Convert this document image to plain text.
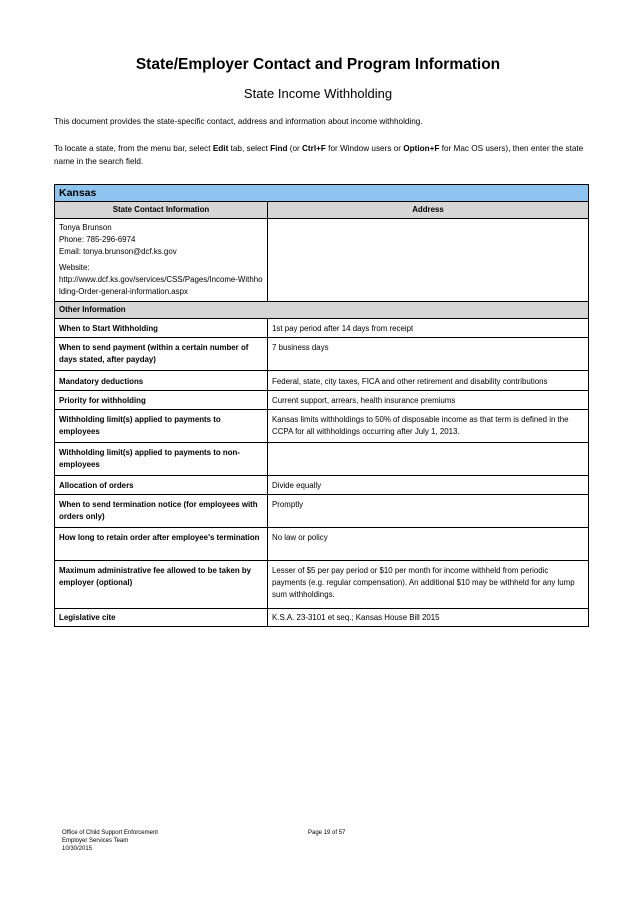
State/Employer Contact and Program Information
State Income Withholding
This document provides the state-specific contact, address and information about income withholding.
To locate a state, from the menu bar, select Edit tab, select Find (or Ctrl+F for Window users or Option+F for Mac OS users), then enter the state name in the search field.
Kansas	
State Contact Information	Address

Tonya Brunson
Phone: 785-296-6974
Email: tonya.brunson@dcf.ks.gov
Website:
http://www.dcf.ks.gov/services/CSS/Pages/Income-Withholding-Order-general-information.aspx	

Other Information	
When to Start Withholding	1st pay period after 14 days from receipt
When to send payment (within a certain number of days stated, after payday)	7 business days
Mandatory deductions	Federal, state, city taxes, FICA and other retirement and disability contributions
Priority for withholding	Current support, arrears, health insurance premiums
Withholding limit(s) applied to payments to employees	Kansas limits withholdings to 50% of disposable income as that term is defined in the CCPA for all withholdings occurring after July 1, 2013.
Withholding limit(s) applied to payments to non-employees	
Allocation of orders	Divide equally
When to send termination notice (for employees with orders only)	Promptly
How long to retain order after employee's termination	No law or policy
Maximum administrative fee allowed to be taken by employer (optional)	Lesser of $5 per pay period or $10 per month for income withheld from periodic payments (e.g. regular compensation). An additional $10 may be withheld for any lump sum withholdings.
Legislative cite	K.S.A. 23-3101 et seq.; Kansas House Bill 2015
Office of Child Support Enforcement
Employer Services Team
10/30/2015
Page 19 of 57
